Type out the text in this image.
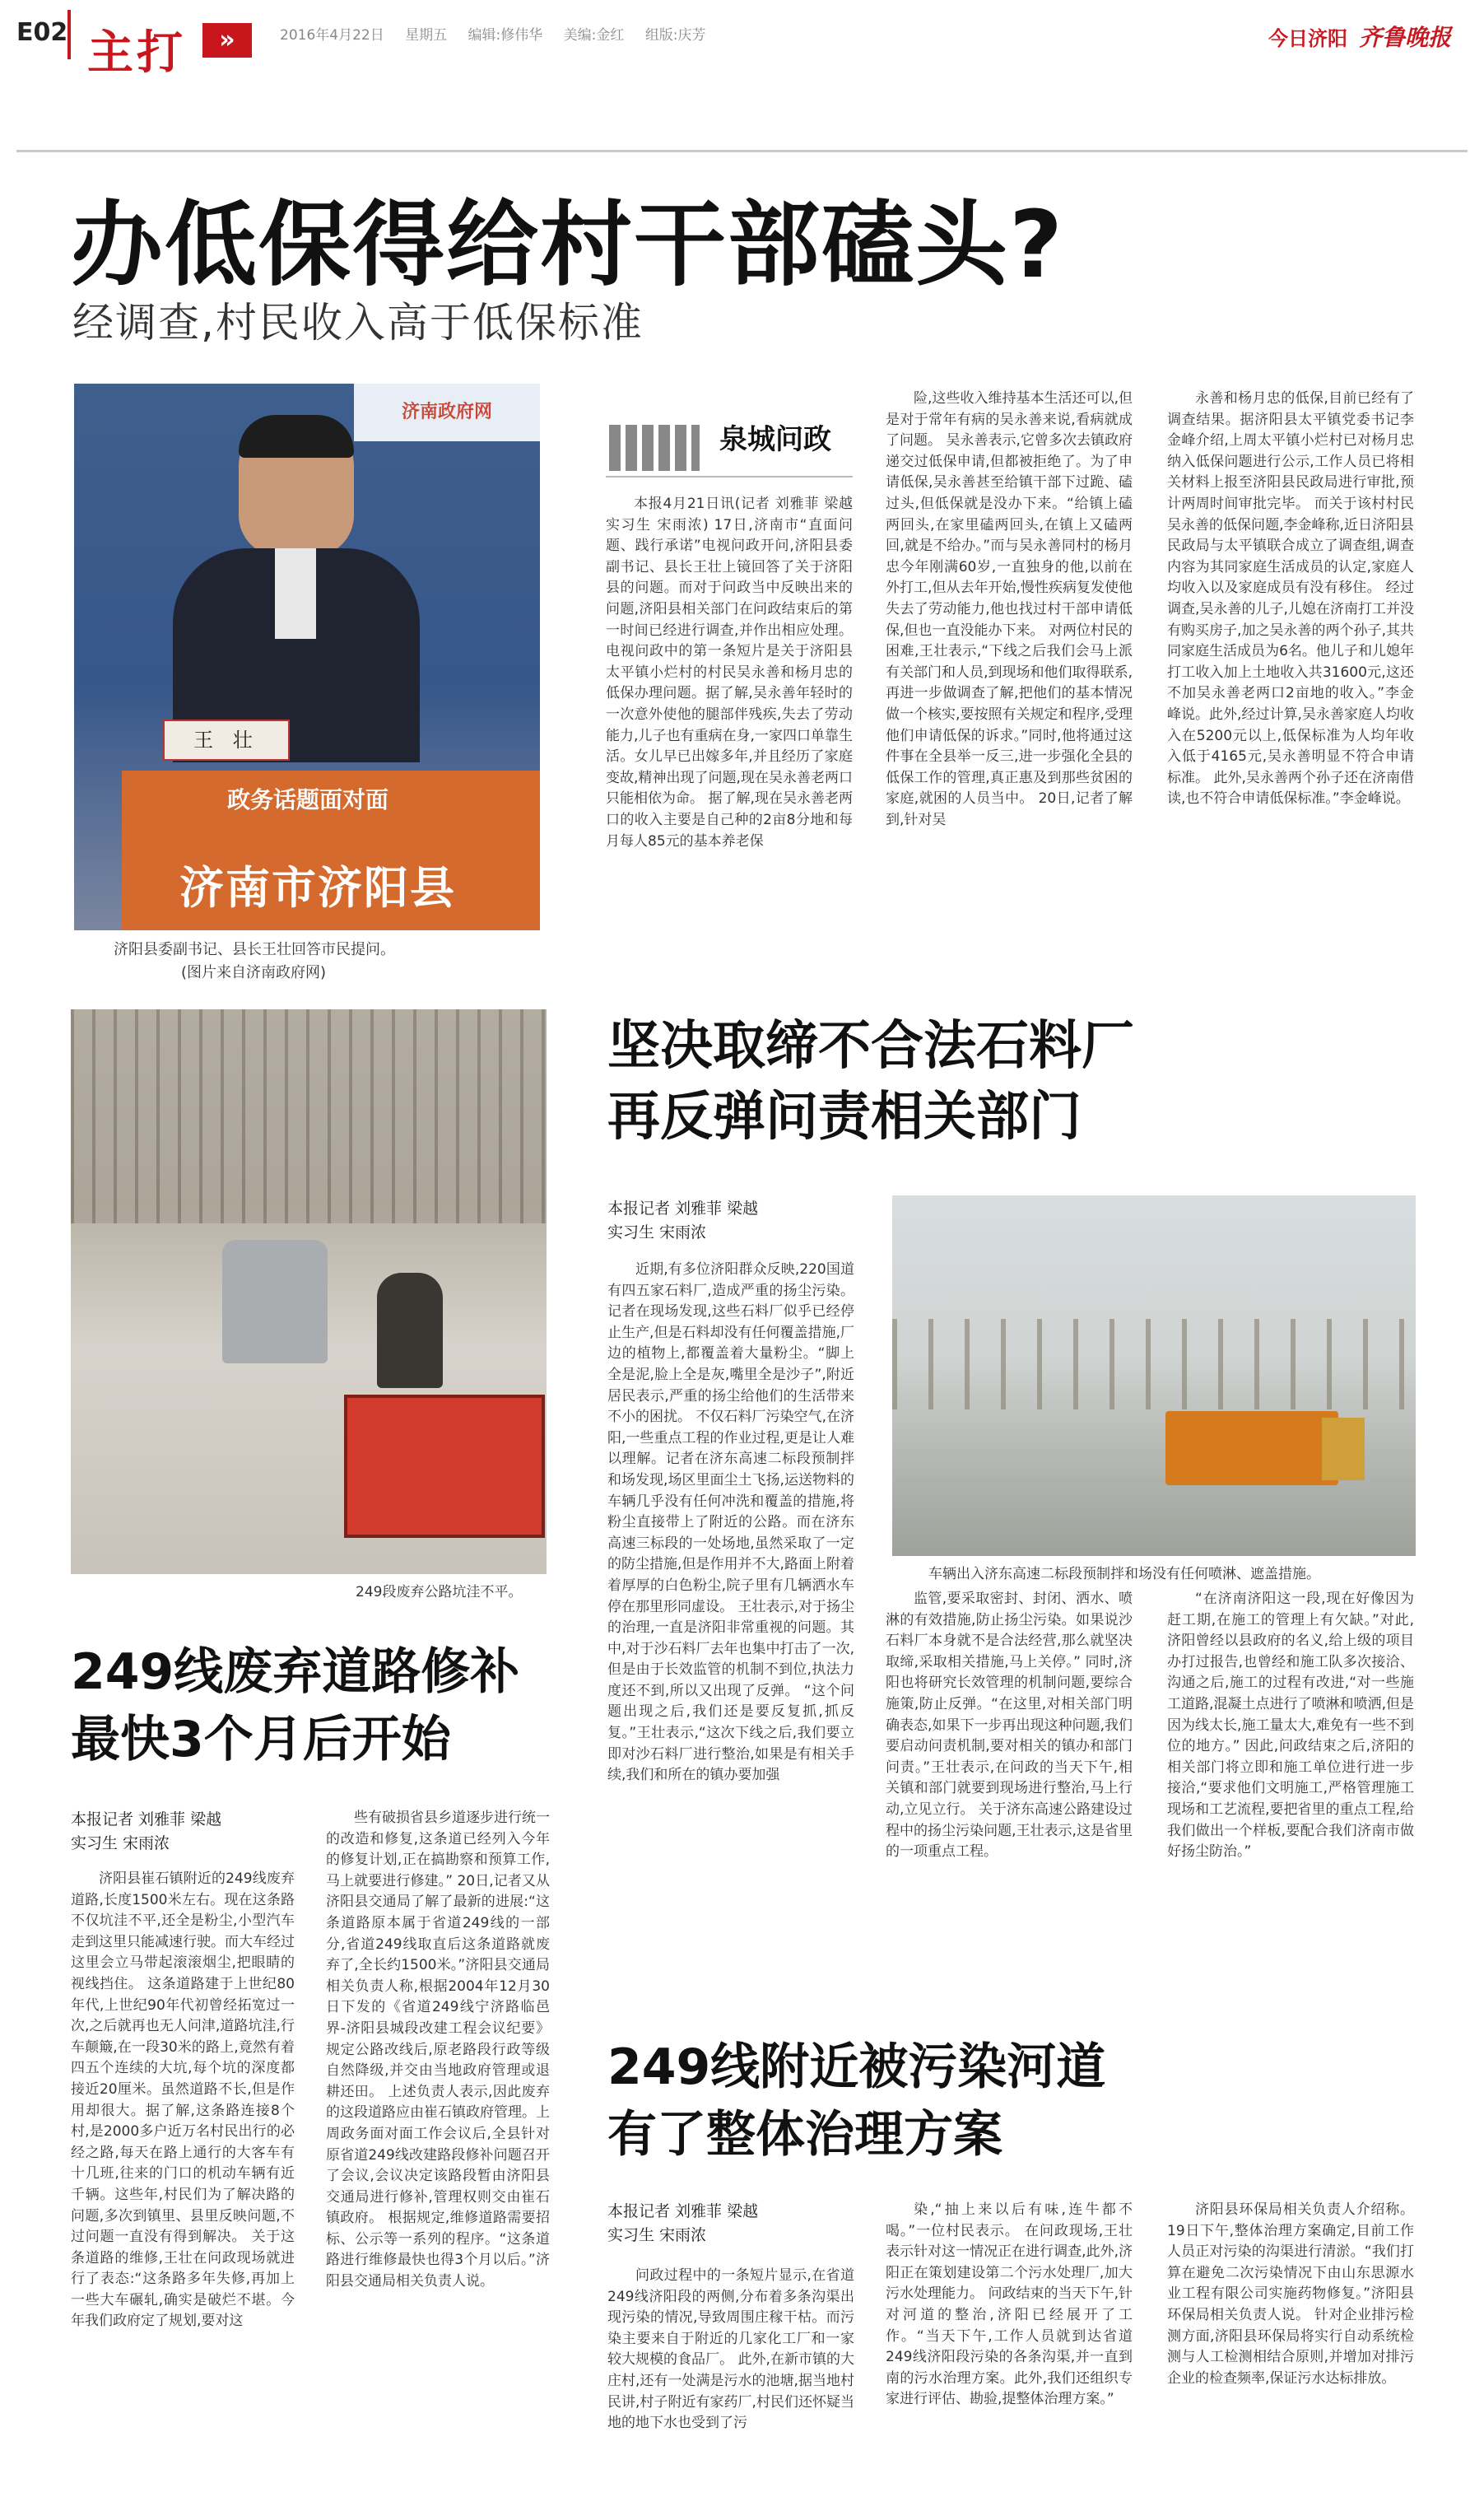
E02 主打	»	2016年4月22日 星期五 编辑:修伟华 美编:金红 组版:庆芳	今日济阳 齐鲁晚报
办低保得给村干部磕头?
经调查,村民收入高于低保标准
济南政府网
王 壮
政务话题面对面
济南市济阳县
济阳县委副书记、县长王壮回答市民提问。
(图片来自济南政府网)
泉城问政
本报4月21日讯(记者 刘雅菲 梁越 实习生 宋雨浓) 17日,济南市“直面问题、践行承诺”电视问政开问,济阳县委副书记、县长王壮上镜回答了关于济阳县的问题。而对于问政当中反映出来的问题,济阳县相关部门在问政结束后的第一时间已经进行调查,并作出相应处理。 电视问政中的第一条短片是关于济阳县太平镇小烂村的村民吴永善和杨月忠的低保办理问题。据了解,吴永善年轻时的一次意外使他的腿部伴残疾,失去了劳动能力,儿子也有重病在身,一家四口单靠生活。女儿早已出嫁多年,并且经历了家庭变故,精神出现了问题,现在吴永善老两口只能相依为命。 据了解,现在吴永善老两口的收入主要是自己种的2亩8分地和每月每人85元的基本养老保
险,这些收入维持基本生活还可以,但是对于常年有病的吴永善来说,看病就成了问题。 吴永善表示,它曾多次去镇政府递交过低保申请,但都被拒绝了。为了申请低保,吴永善甚至给镇干部下过跪、磕过头,但低保就是没办下来。“给镇上磕两回头,在家里磕两回头,在镇上又磕两回,就是不给办。”而与吴永善同村的杨月忠今年刚满60岁,一直独身的他,以前在外打工,但从去年开始,慢性疾病复发使他失去了劳动能力,他也找过村干部申请低保,但也一直没能办下来。 对两位村民的困难,王壮表示,“下线之后我们会马上派有关部门和人员,到现场和他们取得联系,再进一步做调查了解,把他们的基本情况做一个核实,要按照有关规定和程序,受理他们申请低保的诉求。”同时,他将通过这件事在全县举一反三,进一步强化全县的低保工作的管理,真正惠及到那些贫困的家庭,就困的人员当中。 20日,记者了解到,针对吴
永善和杨月忠的低保,目前已经有了调查结果。据济阳县太平镇党委书记李金峰介绍,上周太平镇小烂村已对杨月忠纳入低保问题进行公示,工作人员已将相关材料上报至济阳县民政局进行审批,预计两周时间审批完毕。 而关于该村村民吴永善的低保问题,李金峰称,近日济阳县民政局与太平镇联合成立了调查组,调查内容为其同家庭生活成员的认定,家庭人均收入以及家庭成员有没有移住。 经过调查,吴永善的儿子,儿媳在济南打工并没有购买房子,加之吴永善的两个孙子,其共同家庭生活成员为6名。他儿子和儿媳年打工收入加上土地收入共31600元,这还不加吴永善老两口2亩地的收入。”李金峰说。此外,经过计算,吴永善家庭人均收入在5200元以上,低保标准为人均年收入低于4165元,吴永善明显不符合申请标准。 此外,吴永善两个孙子还在济南借读,也不符合申请低保标准。”李金峰说。
249段废弃公路坑洼不平。
坚决取缔不合法石料厂
再反弹问责相关部门
本报记者 刘雅菲 梁越
实习生 宋雨浓
车辆出入济东高速二标段预制拌和场没有任何喷淋、遮盖措施。
近期,有多位济阳群众反映,220国道有四五家石料厂,造成严重的扬尘污染。记者在现场发现,这些石料厂似乎已经停止生产,但是石料却没有任何覆盖措施,厂边的植物上,都覆盖着大量粉尘。“脚上全是泥,脸上全是灰,嘴里全是沙子”,附近居民表示,严重的扬尘给他们的生活带来不小的困扰。 不仅石料厂污染空气,在济阳,一些重点工程的作业过程,更是让人难以理解。记者在济东高速二标段预制拌和场发现,场区里面尘土飞扬,运送物料的车辆几乎没有任何冲洗和覆盖的措施,将粉尘直接带上了附近的公路。而在济东高速三标段的一处场地,虽然采取了一定的防尘措施,但是作用并不大,路面上附着着厚厚的白色粉尘,院子里有几辆洒水车停在那里形同虚设。 王壮表示,对于扬尘的治理,一直是济阳非常重视的问题。其中,对于沙石料厂去年也集中打击了一次,但是由于长效监管的机制不到位,执法力度还不到,所以又出现了反弹。 “这个问题出现之后,我们还是要反复抓,抓反复。”王壮表示,“这次下线之后,我们要立即对沙石料厂进行整治,如果是有相关手续,我们和所在的镇办要加强
监管,要采取密封、封闭、洒水、喷淋的有效措施,防止扬尘污染。如果说沙石料厂本身就不是合法经营,那么就坚决取缔,采取相关措施,马上关停。” 同时,济阳也将研究长效管理的机制问题,要综合施策,防止反弹。“在这里,对相关部门明确表态,如果下一步再出现这种问题,我们要启动问责机制,要对相关的镇办和部门问责。”王壮表示,在问政的当天下午,相关镇和部门就要到现场进行整治,马上行动,立见立行。 关于济东高速公路建设过程中的扬尘污染问题,王壮表示,这是省里的一项重点工程。
“在济南济阳这一段,现在好像因为赶工期,在施工的管理上有欠缺。”对此,济阳曾经以县政府的名义,给上级的项目办打过报告,也曾经和施工队多次接洽、沟通之后,施工的过程有改进,“对一些施工道路,混凝土点进行了喷淋和喷洒,但是因为线太长,施工量太大,难免有一些不到位的地方。” 因此,问政结束之后,济阳的相关部门将立即和施工单位进行进一步接洽,“要求他们文明施工,严格管理施工现场和工艺流程,要把省里的重点工程,给我们做出一个样板,要配合我们济南市做好扬尘防治。”
249线废弃道路修补
最快3个月后开始
本报记者 刘雅菲 梁越
实习生 宋雨浓
济阳县崔石镇附近的249线废弃道路,长度1500米左右。现在这条路不仅坑洼不平,还全是粉尘,小型汽车走到这里只能减速行驶。而大车经过这里会立马带起滚滚烟尘,把眼睛的视线挡住。 这条道路建于上世纪80年代,上世纪90年代初曾经拓宽过一次,之后就再也无人问津,道路坑洼,行车颠簸,在一段30米的路上,竟然有着四五个连续的大坑,每个坑的深度都接近20厘米。虽然道路不长,但是作用却很大。据了解,这条路连接8个村,是2000多户近万名村民出行的必经之路,每天在路上通行的大客车有十几班,往来的门口的机动车辆有近千辆。这些年,村民们为了解决路的问题,多次到镇里、县里反映问题,不过问题一直没有得到解决。 关于这条道路的维修,王壮在问政现场就进行了表态:“这条路多年失修,再加上一些大车碾轧,确实是破烂不堪。今年我们政府定了规划,要对这
些有破损省县乡道逐步进行统一的改造和修复,这条道已经列入今年的修复计划,正在搞勘察和预算工作,马上就要进行修建。” 20日,记者又从济阳县交通局了解了最新的进展:“这条道路原本属于省道249线的一部分,省道249线取直后这条道路就废弃了,全长约1500米。”济阳县交通局相关负责人称,根据2004年12月30日下发的《省道249线宁济路临邑界-济阳县城段改建工程会议纪要》规定公路改线后,原老路段行政等级自然降级,并交由当地政府管理或退耕还田。 上述负责人表示,因此废弃的这段道路应由崔石镇政府管理。上周政务面对面工作会议后,全县针对原省道249线改建路段修补问题召开了会议,会议决定该路段暂由济阳县交通局进行修补,管理权则交由崔石镇政府。 根据规定,维修道路需要招标、公示等一系列的程序。“这条道路进行维修最快也得3个月以后。”济阳县交通局相关负责人说。
249线附近被污染河道
有了整体治理方案
本报记者 刘雅菲 梁越
实习生 宋雨浓
问政过程中的一条短片显示,在省道249线济阳段的两侧,分布着多条沟渠出现污染的情况,导致周围庄稼干枯。而污染主要来自于附近的几家化工厂和一家较大规模的食品厂。 此外,在新市镇的大庄村,还有一处满是污水的池塘,据当地村民讲,村子附近有家药厂,村民们还怀疑当地的地下水也受到了污
染,“抽上来以后有味,连牛都不喝。”一位村民表示。 在问政现场,王壮表示针对这一情况正在进行调查,此外,济阳正在策划建设第二个污水处理厂,加大污水处理能力。 问政结束的当天下午,针对河道的整治,济阳已经展开了工作。“当天下午,工作人员就到达省道249线济阳段污染的各条沟渠,并一直到南的污水治理方案。此外,我们还组织专家进行评估、勘验,提整体治理方案。”
济阳县环保局相关负责人介绍称。 19日下午,整体治理方案确定,目前工作人员正对污染的沟渠进行清淤。“我们打算在避免二次污染情况下由山东思源水业工程有限公司实施药物修复。”济阳县环保局相关负责人说。 针对企业排污检测方面,济阳县环保局将实行自动系统检测与人工检测相结合原则,并增加对排污企业的检查频率,保证污水达标排放。
